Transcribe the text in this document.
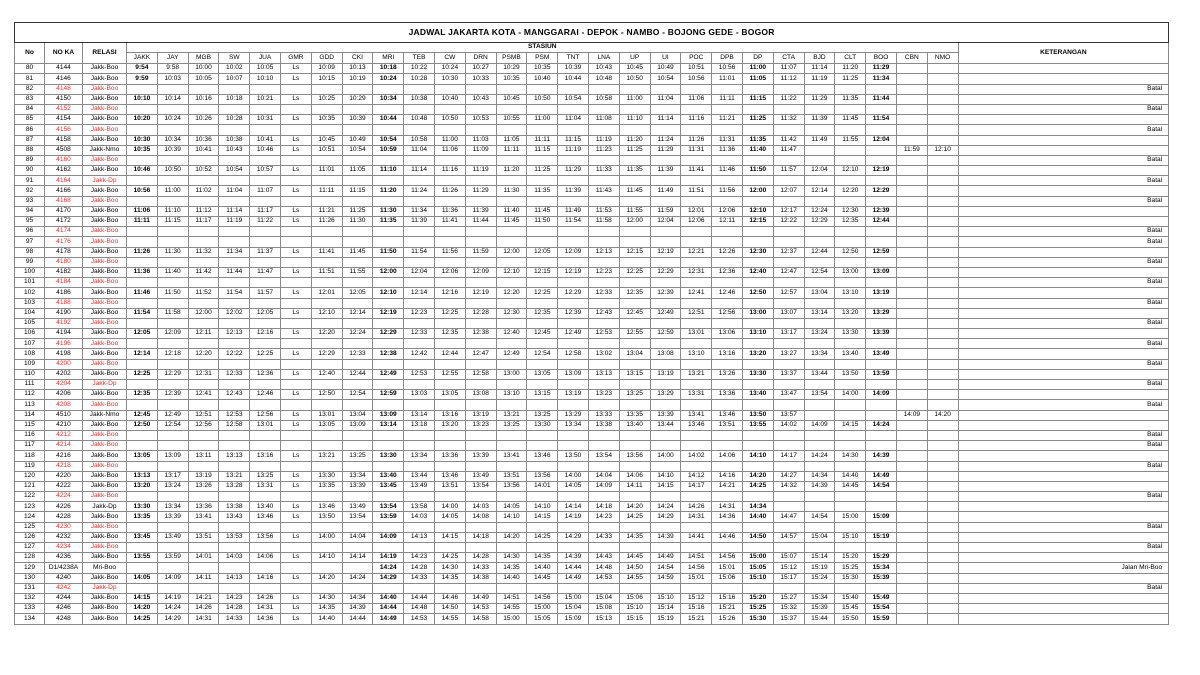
JADWAL JAKARTA KOTA - MANGGARAI - DEPOK - NAMBO - BOJONG GEDE - BOGOR																														
No	NO KA	RELASI	STASIUN																											KETERANGAN
			JAKK	JAY	MGB	SW	JUA	GMR	GDD	CKI	MRI	TEB	CW	DRN	PSMB	PSM	TNT	LNA	UP	UI	POC	DPB	DP	CTA	BJD	CLT	BOO	CBN	NMO	
80	4144	Jakk-Boo	9:54	9:58	10:00	10:02	10:05	Ls	10:09	10:13	10:18	10:22	10:24	10:27	10:29	10:35	10:39	10:43	10:45	10:49	10:51	10:56	11:00	11:07	11:14	11:20	11:29			
81	4146	Jakk-Boo	9:59	10:03	10:05	10:07	10:10	Ls	10:15	10:19	10:24	10:28	10:30	10:33	10:35	10:40	10:44	10:48	10:50	10:54	10:56	11:01	11:05	11:12	11:19	11:25	11:34			
82	4148	Jakk-Boo																												Batal
83	4150	Jakk-Boo	10:10	10:14	10:16	10:18	10:21	Ls	10:25	10:29	10:34	10:38	10:40	10:43	10:45	10:50	10:54	10:58	11:00	11:04	11:06	11:11	11:15	11:22	11:29	11:35	11:44			
84	4152	Jakk-Boo																												Batal
85	4154	Jakk-Boo	10:20	10:24	10:26	10:28	10:31	Ls	10:35	10:39	10:44	10:48	10:50	10:53	10:55	11:00	11:04	11:08	11:10	11:14	11:16	11:21	11:25	11:32	11:39	11:45	11:54			
86	4156	Jakk-Boo																												Batal
87	4158	Jakk-Boo	10:30	10:34	10:36	10:38	10:41	Ls	10:45	10:49	10:54	10:58	11:00	11:03	11:05	11:11	11:15	11:19	11:20	11:24	11:26	11:31	11:35	11:42	11:49	11:55	12:04			
88	4508	Jakk-Nmo	10:35	10:39	10:41	10:43	10:46	Ls	10:51	10:54	10:59	11:04	11:06	11:09	11:11	11:15	11:19	11:23	11:25	11:29	11:31	11:36	11:40	11:47				11:59	12:10	
89	4160	Jakk-Boo																												Batal
90	4162	Jakk-Boo	10:46	10:50	10:52	10:54	10:57	Ls	11:01	11:05	11:10	11:14	11:16	11:19	11:20	11:25	11:29	11:33	11:35	11:39	11:41	11:46	11:50	11:57	12:04	12:10	12:19			
91	4164	Jakk-Dp																												Batal
92	4166	Jakk-Boo	10:56	11:00	11:02	11:04	11:07	Ls	11:11	11:15	11:20	11:24	11:26	11:29	11:30	11:35	11:39	11:43	11:45	11:49	11:51	11:56	12:00	12:07	12:14	12:20	12:29			
93	4168	Jakk-Boo																												Batal
94	4170	Jakk-Boo	11:06	11:10	11:12	11:14	11:17	Ls	11:21	11:25	11:30	11:34	11:36	11:39	11:40	11:45	11:49	11:53	11:55	11:59	12:01	12:06	12:10	12:17	12:24	12:30	12:39			
95	4172	Jakk-Boo	11:11	11:15	11:17	11:19	11:22	Ls	11:26	11:30	11:35	11:39	11:41	11:44	11:45	11:50	11:54	11:58	12:00	12:04	12:06	12:11	12:15	12:22	12:29	12:35	12:44			
96	4174	Jakk-Boo																												Batal
97	4176	Jakk-Boo																												Batal
98	4178	Jakk-Boo	11:26	11:30	11:32	11:34	11:37	Ls	11:41	11:45	11:50	11:54	11:56	11:59	12:00	12:05	12:09	12:13	12:15	12:19	12:21	12:26	12:30	12:37	12:44	12:50	12:59			
99	4180	Jakk-Boo																												Batal
100	4182	Jakk-Boo	11:36	11:40	11:42	11:44	11:47	Ls	11:51	11:55	12:00	12:04	12:06	12:09	12:10	12:15	12:19	12:23	12:25	12:29	12:31	12:36	12:40	12:47	12:54	13:00	13:09			
101	4184	Jakk-Boo																												Batal
102	4186	Jakk-Boo	11:46	11:50	11:52	11:54	11:57	Ls	12:01	12:05	12:10	12:14	12:16	12:19	12:20	12:25	12:29	12:33	12:35	12:39	12:41	12:46	12:50	12:57	13:04	13:10	13:19			
103	4188	Jakk-Boo																												Batal
104	4190	Jakk-Boo	11:54	11:58	12:00	12:02	12:05	Ls	12:10	12:14	12:19	12:23	12:25	12:28	12:30	12:35	12:39	12:43	12:45	12:49	12:51	12:56	13:00	13:07	13:14	13:20	13:29			
105	4192	Jakk-Boo																												Batal
106	4194	Jakk-Boo	12:05	12:09	12:11	12:13	12:16	Ls	12:20	12:24	12:29	12:33	12:35	12:38	12:40	12:45	12:49	12:53	12:55	12:59	13:01	13:06	13:10	13:17	13:24	13:30	13:39			
107	4196	Jakk-Boo																												Batal
108	4198	Jakk-Boo	12:14	12:18	12:20	12:22	12:25	Ls	12:29	12:33	12:38	12:42	12:44	12:47	12:49	12:54	12:58	13:02	13:04	13:08	13:10	13:16	13:20	13:27	13:34	13:40	13:49			
109	4200	Jakk-Boo																												Batal
110	4202	Jakk-Boo	12:25	12:29	12:31	12:33	12:36	Ls	12:40	12:44	12:49	12:53	12:55	12:58	13:00	13:05	13:09	13:13	13:15	13:19	13:21	13:26	13:30	13:37	13:44	13:50	13:59			
111	4204	Jakk-Dp																												Batal
112	4206	Jakk-Boo	12:35	12:39	12:41	12:43	12:46	Ls	12:50	12:54	12:59	13:03	13:05	13:08	13:10	13:15	13:19	13:23	13:25	13:29	13:31	13:36	13:40	13:47	13:54	14:00	14:09			
113	4208	Jakk-Boo																												Batal
114	4510	Jakk-Nmo	12:45	12:49	12:51	12:53	12:56	Ls	13:01	13:04	13:09	13:14	13:16	13:19	13:21	13:25	13:29	13:33	13:35	13:39	13:41	13:46	13:50	13:57				14:09	14:20	
115	4210	Jakk-Boo	12:50	12:54	12:56	12:58	13:01	Ls	13:05	13:09	13:14	13:18	13:20	13:23	13:25	13:30	13:34	13:38	13:40	13:44	13:46	13:51	13:55	14:02	14:09	14:15	14:24			
116	4212	Jakk-Boo																												Batal
117	4214	Jakk-Boo																												Batal
118	4216	Jakk-Boo	13:05	13:09	13:11	13:13	13:16	Ls	13:21	13:25	13:30	13:34	13:36	13:39	13:41	13:46	13:50	13:54	13:56	14:00	14:02	14:06	14:10	14:17	14:24	14:30	14:39			
119	4218	Jakk-Boo																												Batal
120	4220	Jakk-Boo	13:13	13:17	13:19	13:21	13:25	Ls	13:30	13:34	13:40	13:44	13:46	13:49	13:51	13:56	14:00	14:04	14:06	14:10	14:12	14:16	14:20	14:27	14:34	14:40	14:49			
121	4222	Jakk-Boo	13:20	13:24	13:26	13:28	13:31	Ls	13:35	13:39	13:45	13:49	13:51	13:54	13:56	14:01	14:05	14:09	14:11	14:15	14:17	14:21	14:25	14:32	14:39	14:45	14:54			
122	4224	Jakk-Boo																												Batal
123	4226	Jakk-Dp	13:30	13:34	13:36	13:38	13:40	Ls	13:46	13:49	13:54	13:58	14:00	14:03	14:05	14:10	14:14	14:18	14:20	14:24	14:26	14:31	14:34							
124	4228	Jakk-Boo	13:35	13:39	13:41	13:43	13:46	Ls	13:50	13:54	13:59	14:03	14:05	14:08	14:10	14:15	14:19	14:23	14:25	14:29	14:31	14:36	14:40	14:47	14:54	15:00	15:09			
125	4230	Jakk-Boo																												Batal
126	4232	Jakk-Boo	13:45	13:49	13:51	13:53	13:56	Ls	14:00	14:04	14:09	14:13	14:15	14:18	14:20	14:25	14:29	14:33	14:35	14:39	14:41	14:46	14:50	14:57	15:04	15:10	15:19			
127	4234	Jakk-Boo																												Batal
128	4236	Jakk-Boo	13:55	13:59	14:01	14:03	14:06	Ls	14:10	14:14	14:19	14:23	14:25	14:28	14:30	14:35	14:39	14:43	14:45	14:49	14:51	14:56	15:00	15:07	15:14	15:20	15:29			
129	D1/4238A	Mri-Boo									14:24	14:28	14:30	14:33	14:35	14:40	14:44	14:48	14:50	14:54	14:56	15:01	15:05	15:12	15:19	15:25	15:34			Jalan Mri-Boo
130	4240	Jakk-Boo	14:05	14:09	14:11	14:13	14:16	Ls	14:20	14:24	14:29	14:33	14:35	14:38	14:40	14:45	14:49	14:53	14:55	14:59	15:01	15:06	15:10	15:17	15:24	15:30	15:39			
131	4242	Jakk-Dp																												Batal
132	4244	Jakk-Boo	14:15	14:19	14:21	14:23	14:26	Ls	14:30	14:34	14:40	14:44	14:46	14:49	14:51	14:56	15:00	15:04	15:06	15:10	15:12	15:16	15:20	15:27	15:34	15:40	15:49			
133	4246	Jakk-Boo	14:20	14:24	14:26	14:28	14:31	Ls	14:35	14:39	14:44	14:48	14:50	14:53	14:55	15:00	15:04	15:08	15:10	15:14	15:16	15:21	15:25	15:32	15:39	15:45	15:54			
134	4248	Jakk-Boo	14:25	14:29	14:31	14:33	14:36	Ls	14:40	14:44	14:49	14:53	14:55	14:58	15:00	15:05	15:09	15:13	15:15	15:19	15:21	15:26	15:30	15:37	15:44	15:50	15:59			
